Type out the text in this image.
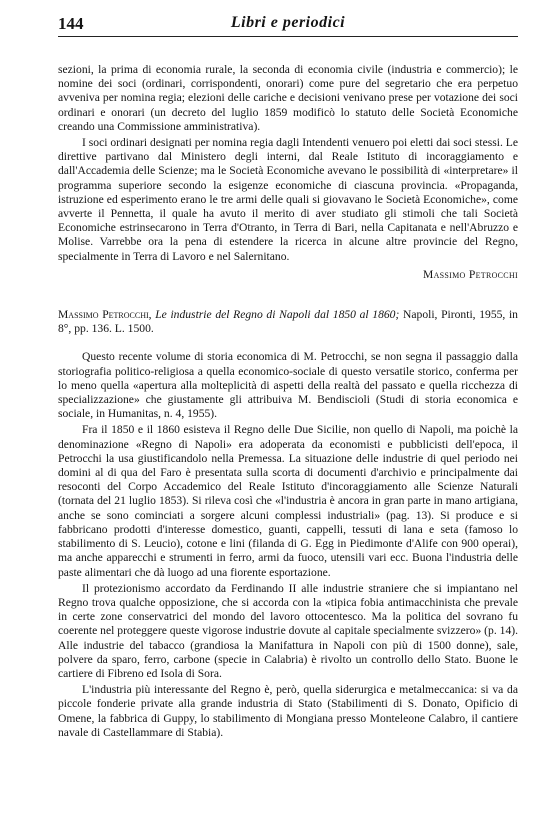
144	Libri e periodici

sezioni, la prima di economia rurale, la seconda di economia civile (industria e commercio); le nomine dei soci (ordinari, corrispondenti, onorari) come pure del segretario che era perpetuo avveniva per nomina regia; elezioni delle cariche e decisioni venivano prese per votazione dei soci ordinari e onorari (un decreto del luglio 1859 modificò lo statuto delle Società Economiche creando una Commissione amministrativa).

I soci ordinari designati per nomina regia dagli Intendenti venuero poi eletti dai soci stessi. Le direttive partivano dal Ministero degli interni, dal Reale Istituto di incoraggiamento e dall'Accademia delle Scienze; ma le Società Economiche avevano le possibilità di «interpretare» il programma superiore secondo la esigenze economiche di ciascuna provincia. «Propaganda, istruzione ed esperimento erano le tre armi delle quali si giovavano le Società Economiche», come avverte il Pennetta, il quale ha avuto il merito di aver studiato gli stimoli che tali Società Economiche estrinsecarono in Terra d'Otranto, in Terra di Bari, nella Capitanata e nell'Abruzzo e Molise. Varrebbe ora la pena di estendere la ricerca in alcune altre provincie del Regno, specialmente in Terra di Lavoro e nel Salernitano.

Massimo Petrocchi

Massimo Petrocchi, Le industrie del Regno di Napoli dal 1850 al 1860; Napoli, Pironti, 1955, in 8°, pp. 136. L. 1500.

Questo recente volume di storia economica di M. Petrocchi, se non segna il passaggio dalla storiografia politico-religiosa a quella economico-sociale di questo versatile storico, conferma per lo meno quella «apertura alla molteplicità di aspetti della realtà del passato e quella ricchezza di specializzazione» che giustamente gli attribuiva M. Bendiscioli (Studi di storia economica e sociale, in Humanitas, n. 4, 1955).

Fra il 1850 e il 1860 esisteva il Regno delle Due Sicilie, non quello di Napoli, ma poichè la denominazione «Regno di Napoli» era adoperata da economisti e pubblicisti dell'epoca, il Petrocchi la usa giustificandolo nella Premessa. La situazione delle industrie di quel periodo nei domini al di qua del Faro è presentata sulla scorta di documenti d'archivio e principalmente dai resoconti del Corpo Accademico del Reale Istituto d'incoraggiamento alle Scienze Naturali (tornata del 21 luglio 1853). Si rileva così che «l'industria è ancora in gran parte in mano artigiana, anche se sono cominciati a sorgere alcuni complessi industriali» (pag. 13). Si produce e si fabbricano prodotti d'interesse domestico, guanti, cappelli, tessuti di lana e seta (famoso lo stabilimento di S. Leucio), cotone e lini (filanda di G. Egg in Piedimonte d'Alife con 900 operai), ma anche apparecchi e strumenti in ferro, armi da fuoco, utensili vari ecc. Buona l'industria delle paste alimentari che dà luogo ad una fiorente esportazione.

Il protezionismo accordato da Ferdinando II alle industrie straniere che si impiantano nel Regno trova qualche opposizione, che si accorda con la «tipica fobia antimacchinista che prevale in certe zone conservatrici del mondo del lavoro ottocentesco. Ma la politica del sovrano fu coerente nel proteggere queste vigorose industrie dovute al capitale specialmente svizzero» (p. 14). Alle industrie del tabacco (grandiosa la Manifattura in Napoli con più di 1500 donne), sale, polvere da sparo, ferro, carbone (specie in Calabria) è rivolto un controllo dello Stato. Buone le cartiere di Fibreno ed Isola di Sora.

L'industria più interessante del Regno è, però, quella siderurgica e metalmeccanica: si va da piccole fonderie private alla grande industria di Stato (Stabilimenti di S. Donato, Opificio di Omene, la fabbrica di Guppy, lo stabilimento di Mongiana presso Monteleone Calabro, il cantiere navale di Castellammare di Stabia).
